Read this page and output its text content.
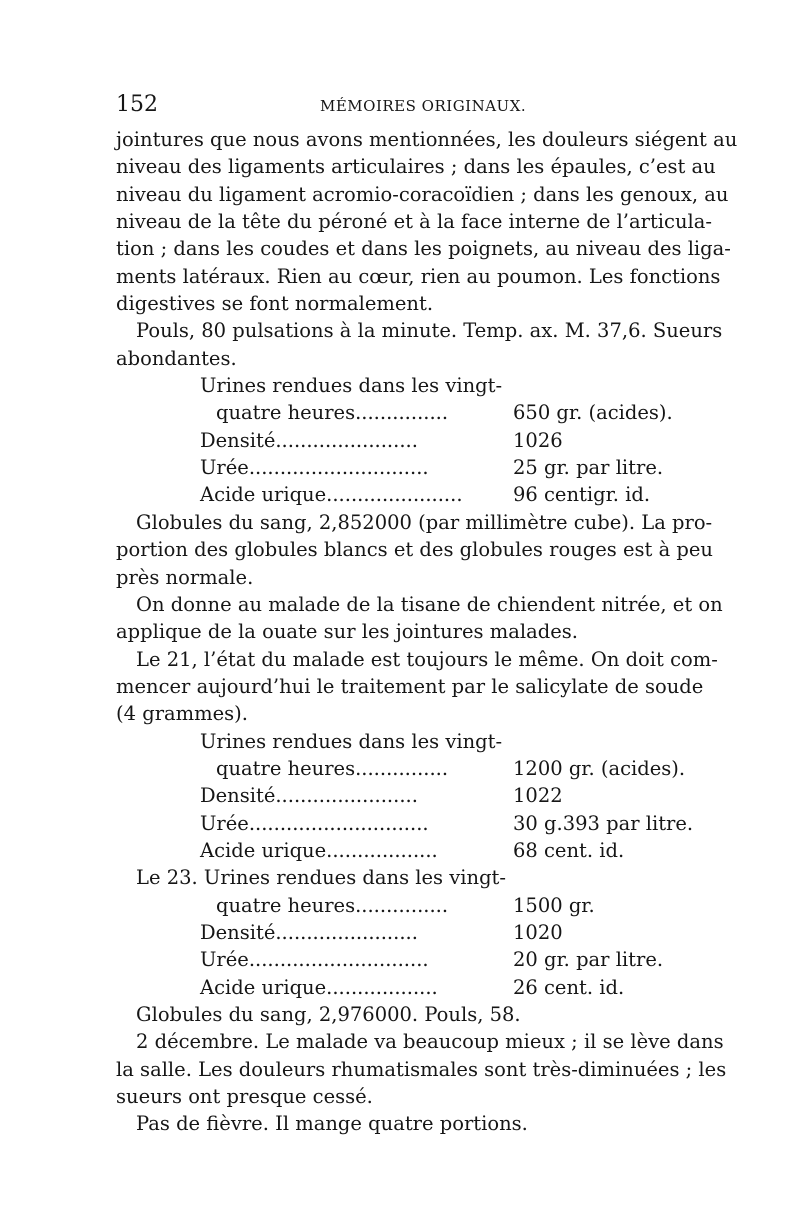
152	MÉMOIRES ORIGINAUX.
jointures que nous avons mentionnées, les douleurs siégent au
niveau des ligaments articulaires ; dans les épaules, c’est au
niveau du ligament acromio-coracoïdien ; dans les genoux, au
niveau de la tête du péroné et à la face interne de l’articula-
tion ; dans les coudes et dans les poignets, au niveau des liga-
ments latéraux. Rien au cœur, rien au poumon. Les fonctions
digestives se font normalement.
Pouls, 80 pulsations à la minute. Temp. ax. M. 37,6. Sueurs
abondantes.
Urines rendues dans les vingt-
quatre heures...............	650 gr. (acides).
Densité.......................	1026
Urée.............................	25 gr. par litre.
Acide urique......................	96 centigr. id.
Globules du sang, 2,852000 (par millimètre cube). La pro-
portion des globules blancs et des globules rouges est à peu
près normale.
On donne au malade de la tisane de chiendent nitrée, et on
applique de la ouate sur les jointures malades.
Le 21, l’état du malade est toujours le même. On doit com-
mencer aujourd’hui le traitement par le salicylate de soude
(4 grammes).
Urines rendues dans les vingt-
quatre heures...............	1200 gr. (acides).
Densité.......................	1022
Urée.............................	30 g.393 par litre.
Acide urique..................	68 cent. id.
Le 23. Urines rendues dans les vingt-
quatre heures...............	1500 gr.
Densité.......................	1020
Urée.............................	20 gr. par litre.
Acide urique..................	26 cent. id.
Globules du sang, 2,976000. Pouls, 58.
2 décembre. Le malade va beaucoup mieux ; il se lève dans
la salle. Les douleurs rhumatismales sont très-diminuées ; les
sueurs ont presque cessé.
Pas de fièvre. Il mange quatre portions.
